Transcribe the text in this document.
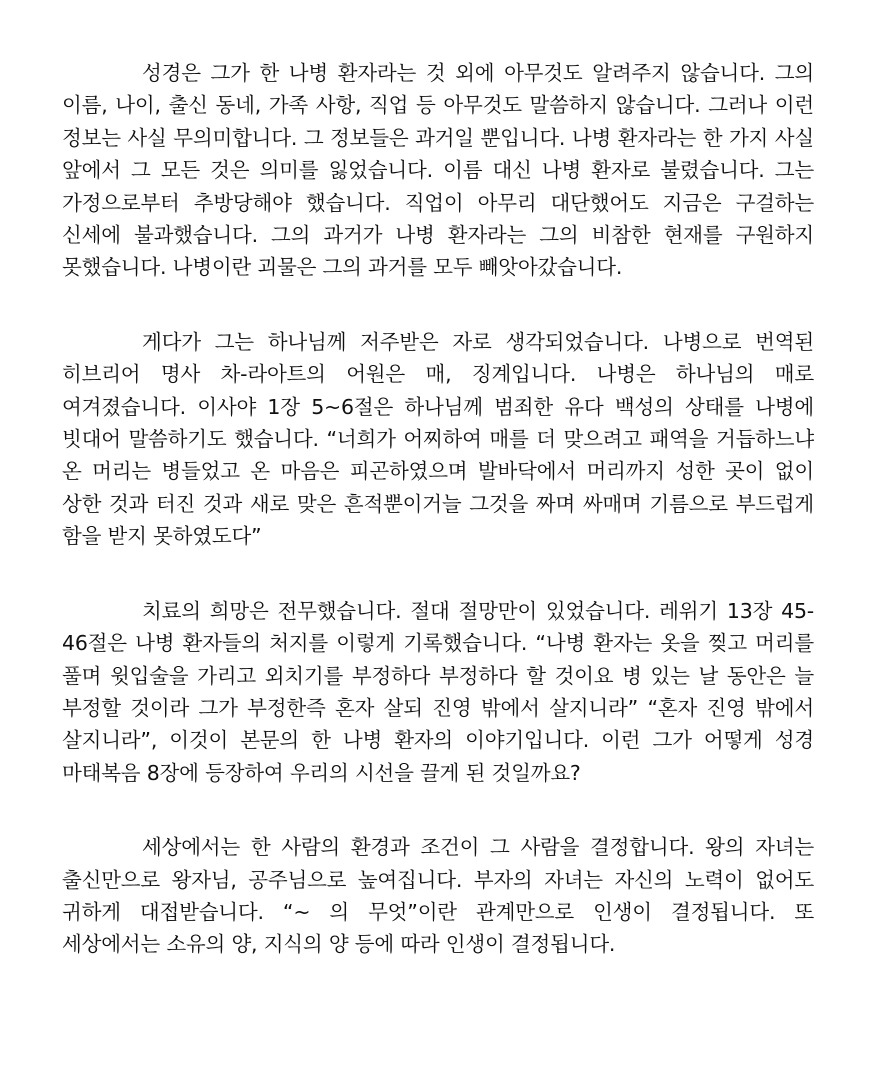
성경은 그가 한 나병 환자라는 것 외에 아무것도 알려주지 않습니다. 그의 이름, 나이, 출신 동네, 가족 사항, 직업 등 아무것도 말씀하지 않습니다. 그러나 이런 정보는 사실 무의미합니다. 그 정보들은 과거일 뿐입니다. 나병 환자라는 한 가지 사실 앞에서 그 모든 것은 의미를 잃었습니다. 이름 대신 나병 환자로 불렸습니다. 그는 가정으로부터 추방당해야 했습니다. 직업이 아무리 대단했어도 지금은 구걸하는 신세에 불과했습니다. 그의 과거가 나병 환자라는 그의 비참한 현재를 구원하지 못했습니다. 나병이란 괴물은 그의 과거를 모두 빼앗아갔습니다.

게다가 그는 하나님께 저주받은 자로 생각되었습니다. 나병으로 번역된 히브리어 명사 차-라아트의 어원은 매, 징계입니다. 나병은 하나님의 매로 여겨졌습니다. 이사야 1장 5~6절은 하나님께 범죄한 유다 백성의 상태를 나병에 빗대어 말씀하기도 했습니다. “너희가 어찌하여 매를 더 맞으려고 패역을 거듭하느냐 온 머리는 병들었고 온 마음은 피곤하였으며 발바닥에서 머리까지 성한 곳이 없이 상한 것과 터진 것과 새로 맞은 흔적뿐이거늘 그것을 짜며 싸매며 기름으로 부드럽게 함을 받지 못하였도다”

치료의 희망은 전무했습니다. 절대 절망만이 있었습니다. 레위기 13장 45-46절은 나병 환자들의 처지를 이렇게 기록했습니다. “나병 환자는 옷을 찢고 머리를 풀며 윗입술을 가리고 외치기를 부정하다 부정하다 할 것이요 병 있는 날 동안은 늘 부정할 것이라 그가 부정한즉 혼자 살되 진영 밖에서 살지니라” “혼자 진영 밖에서 살지니라”, 이것이 본문의 한 나병 환자의 이야기입니다. 이런 그가 어떻게 성경 마태복음 8장에 등장하여 우리의 시선을 끌게 된 것일까요?

세상에서는 한 사람의 환경과 조건이 그 사람을 결정합니다. 왕의 자녀는 출신만으로 왕자님, 공주님으로 높여집니다. 부자의 자녀는 자신의 노력이 없어도 귀하게 대접받습니다. “~ 의 무엇”이란 관계만으로 인생이 결정됩니다. 또 세상에서는 소유의 양, 지식의 양 등에 따라 인생이 결정됩니다.
